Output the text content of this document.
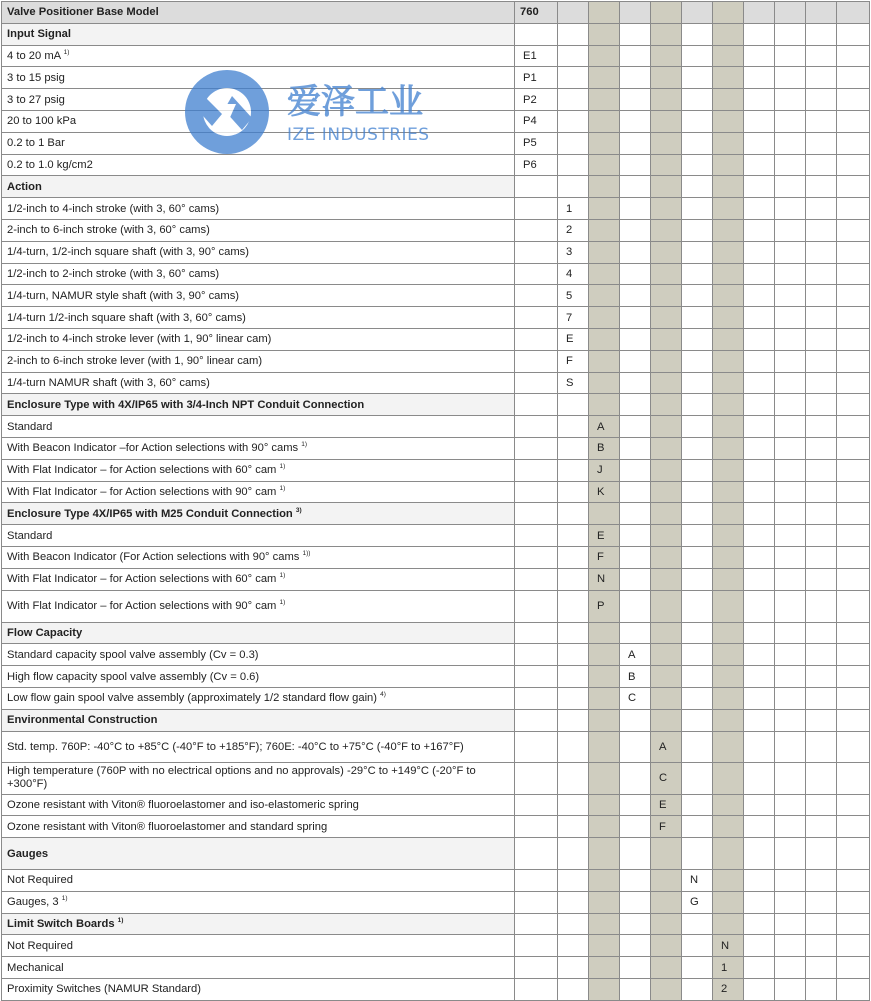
Valve Positioner Base Model	760										
Input Signal											
4 to 20 mA $^{1)}$	E1										
3 to 15 psig	P1										
3 to 27 psig	P2										
20 to 100 kPa	P4										
0.2 to 1 Bar	P5										
0.2 to 1.0 kg/cm2	P6										
Action											
1/2-inch to 4-inch stroke (with 3, 60° cams)		1									
2-inch to 6-inch stroke (with 3, 60° cams)		2									
1/4-turn, 1/2-inch square shaft (with 3, 90° cams)		3									
1/2-inch to 2-inch stroke (with 3, 60° cams)		4									
1/4-turn, NAMUR style shaft (with 3, 90° cams)		5									
1/4-turn 1/2-inch square shaft (with 3, 60° cams)		7									
1/2-inch to 4-inch stroke lever (with 1, 90° linear cam)		E									
2-inch to 6-inch stroke lever (with 1, 90° linear cam)		F									
1/4-turn NAMUR shaft (with 3, 60° cams)		S									
Enclosure Type with 4X/IP65 with 3/4-Inch NPT Conduit Connection											
Standard			A								
With Beacon Indicator –for Action selections with 90° cams $^{1)}$			B								
With Flat Indicator – for Action selections with 60° cam $^{1)}$			J								
With Flat Indicator – for Action selections with 90° cam $^{1)}$			K								
Enclosure Type 4X/IP65 with M25 Conduit Connection $^{3)}$											
Standard			E								
With Beacon Indicator (For Action selections with 90° cams $^{1))}$			F								
With Flat Indicator – for Action selections with 60° cam $^{1)}$			N								
With Flat Indicator – for Action selections with 90° cam $^{1)}$			P								
Flow Capacity											
Standard capacity spool valve assembly (Cv = 0.3)				A							
High flow capacity spool valve assembly (Cv = 0.6)				B							
Low flow gain spool valve assembly (approximately 1/2 standard flow gain) $^{4)}$				C							
Environmental Construction											
Std. temp. 760P: -40°C to +85°C (-40°F to +185°F); 760E: -40°C to +75°C (-40°F to +167°F)					A						
High temperature (760P with no electrical options and no approvals) -29°C to +149°C (-20°F to +300°F)					C						
Ozone resistant with Viton® fluoroelastomer and iso-elastomeric spring					E						
Ozone resistant with Viton® fluoroelastomer and standard spring					F						
Gauges											
Not Required						N					
Gauges, 3 $^{1)}$						G					
Limit Switch Boards $^{1)}$											
Not Required							N				
Mechanical							1				
Proximity Switches (NAMUR Standard)							2				
爱泽工业
IZE INDUSTRIES
